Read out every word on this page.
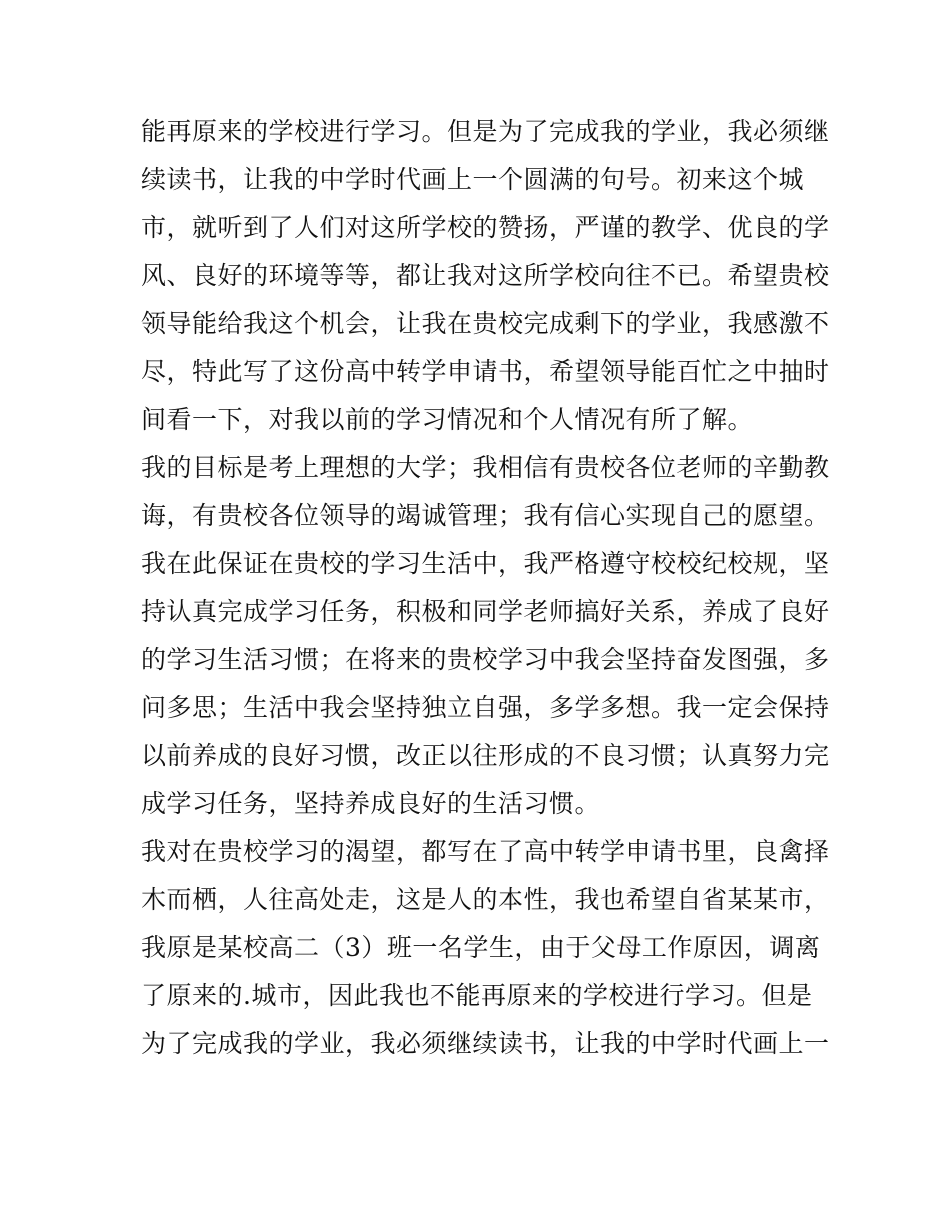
能再原来的学校进行学习。但是为了完成我的学业，我必须继
续读书，让我的中学时代画上一个圆满的句号。初来这个城
市，就听到了人们对这所学校的赞扬，严谨的教学、优良的学
风、良好的环境等等，都让我对这所学校向往不已。希望贵校
领导能给我这个机会，让我在贵校完成剩下的学业，我感激不
尽，特此写了这份高中转学申请书，希望领导能百忙之中抽时
间看一下，对我以前的学习情况和个人情况有所了解。
我的目标是考上理想的大学；我相信有贵校各位老师的辛勤教
诲，有贵校各位领导的竭诚管理；我有信心实现自己的愿望。
我在此保证在贵校的学习生活中，我严格遵守校校纪校规，坚
持认真完成学习任务，积极和同学老师搞好关系，养成了良好
的学习生活习惯；在将来的贵校学习中我会坚持奋发图强，多
问多思；生活中我会坚持独立自强，多学多想。我一定会保持
以前养成的良好习惯，改正以往形成的不良习惯；认真努力完
成学习任务，坚持养成良好的生活习惯。
我对在贵校学习的渴望，都写在了高中转学申请书里，良禽择
木而栖，人往高处走，这是人的本性，我也希望自省某某市，
我原是某校高二（3）班一名学生，由于父母工作原因，调离
了原来的.城市，因此我也不能再原来的学校进行学习。但是
为了完成我的学业，我必须继续读书，让我的中学时代画上一
